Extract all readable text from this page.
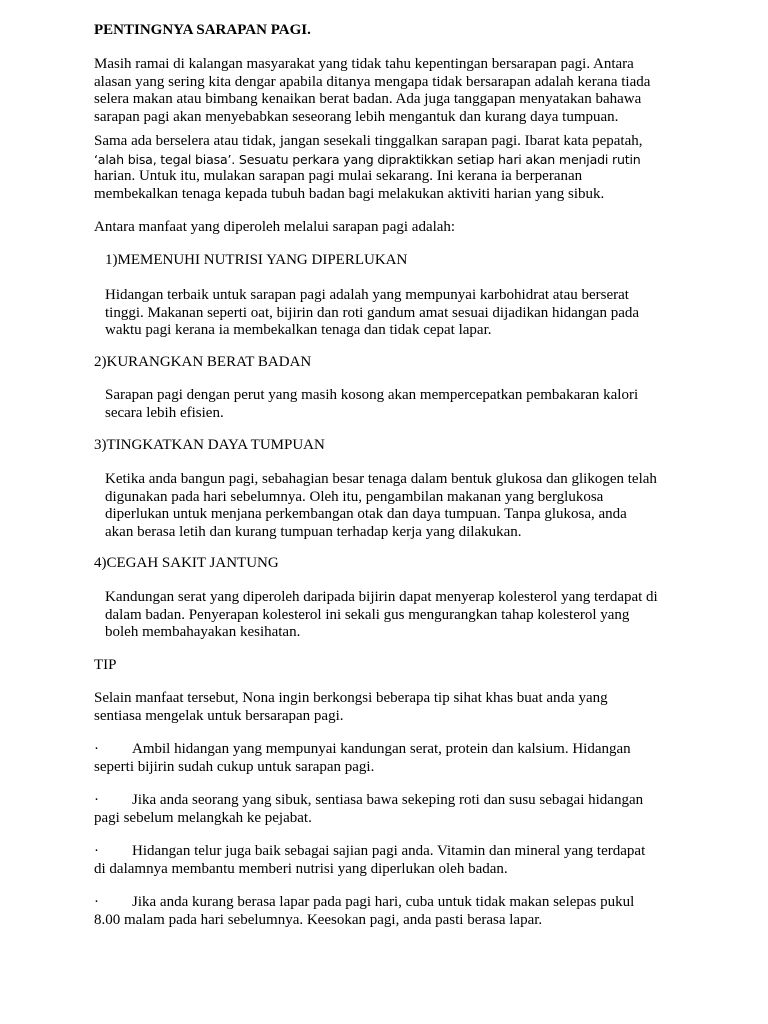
PENTINGNYA SARAPAN PAGI.

Masih ramai di kalangan masyarakat yang tidak tahu kepentingan bersarapan pagi. Antara
alasan yang sering kita dengar apabila ditanya mengapa tidak bersarapan adalah kerana tiada
selera makan atau bimbang kenaikan berat badan. Ada juga tanggapan menyatakan bahawa
sarapan pagi akan menyebabkan seseorang lebih mengantuk dan kurang daya tumpuan.
Sama ada berselera atau tidak, jangan sesekali tinggalkan sarapan pagi. Ibarat kata pepatah,
‘alah bisa, tegal biasa’. Sesuatu perkara yang dipraktikkan setiap hari akan menjadi rutin
harian. Untuk itu, mulakan sarapan pagi mulai sekarang. Ini kerana ia berperanan
membekalkan tenaga kepada tubuh badan bagi melakukan aktiviti harian yang sibuk.
Antara manfaat yang diperoleh melalui sarapan pagi adalah:
1)MEMENUHI NUTRISI YANG DIPERLUKAN
Hidangan terbaik untuk sarapan pagi adalah yang mempunyai karbohidrat atau berserat
tinggi. Makanan seperti oat, bijirin dan roti gandum amat sesuai dijadikan hidangan pada
waktu pagi kerana ia membekalkan tenaga dan tidak cepat lapar.
2)KURANGKAN BERAT BADAN
Sarapan pagi dengan perut yang masih kosong akan mempercepatkan pembakaran kalori
secara lebih efisien.
3)TINGKATKAN DAYA TUMPUAN
Ketika anda bangun pagi, sebahagian besar tenaga dalam bentuk glukosa dan glikogen telah
digunakan pada hari sebelumnya. Oleh itu, pengambilan makanan yang berglukosa
diperlukan untuk menjana perkembangan otak dan daya tumpuan. Tanpa glukosa, anda
akan berasa letih dan kurang tumpuan terhadap kerja yang dilakukan.
4)CEGAH SAKIT JANTUNG
Kandungan serat yang diperoleh daripada bijirin dapat menyerap kolesterol yang terdapat di
dalam badan. Penyerapan kolesterol ini sekali gus mengurangkan tahap kolesterol yang
boleh membahayakan kesihatan.
TIP
Selain manfaat tersebut, Nona ingin berkongsi beberapa tip sihat khas buat anda yang
sentiasa mengelak untuk bersarapan pagi.
· Ambil hidangan yang mempunyai kandungan serat, protein dan kalsium. Hidangan
seperti bijirin sudah cukup untuk sarapan pagi.
· Jika anda seorang yang sibuk, sentiasa bawa sekeping roti dan susu sebagai hidangan
pagi sebelum melangkah ke pejabat.
· Hidangan telur juga baik sebagai sajian pagi anda. Vitamin dan mineral yang terdapat
di dalamnya membantu memberi nutrisi yang diperlukan oleh badan.
· Jika anda kurang berasa lapar pada pagi hari, cuba untuk tidak makan selepas pukul
8.00 malam pada hari sebelumnya. Keesokan pagi, anda pasti berasa lapar.
